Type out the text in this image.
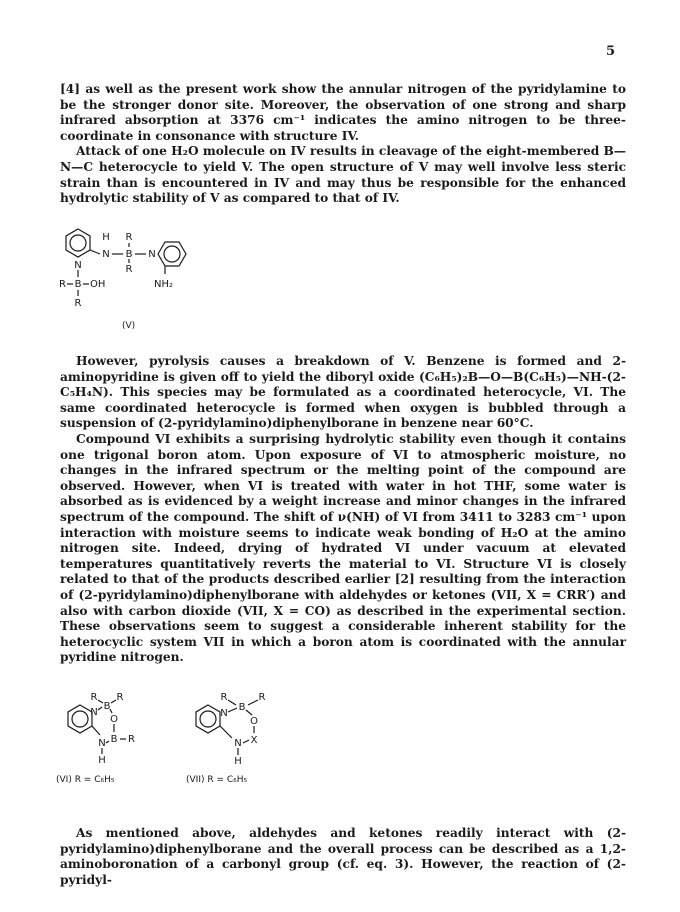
5

[4] as well as the present work show the annular nitrogen of the pyridylamine to be the stronger donor site. Moreover, the observation of one strong and sharp infrared absorption at 3376 cm⁻¹ indicates the amino nitrogen to be three-coordinate in consonance with structure IV.

Attack of one H₂O molecule on IV results in cleavage of the eight-membered B—N—C heterocycle to yield V. The open structure of V may well involve less steric strain than is encountered in IV and may thus be responsible for the enhanced hydrolytic stability of V as compared to that of IV.

H R
N B N
R
N
R B OH
R
NH₂
(V)

However, pyrolysis causes a breakdown of V. Benzene is formed and 2-aminopyridine is given off to yield the diboryl oxide (C₆H₅)₂B—O—B(C₆H₅)—NH-(2-C₅H₄N). This species may be formulated as a coordinated heterocycle, VI. The same coordinated heterocycle is formed when oxygen is bubbled through a suspension of (2-pyridylamino)diphenylborane in benzene near 60°C.

Compound VI exhibits a surprising hydrolytic stability even though it contains one trigonal boron atom. Upon exposure of VI to atmospheric moisture, no changes in the infrared spectrum or the melting point of the compound are observed. However, when VI is treated with water in hot THF, some water is absorbed as is evidenced by a weight increase and minor changes in the infrared spectrum of the compound. The shift of ν(NH) of VI from 3411 to 3283 cm⁻¹ upon interaction with moisture seems to indicate weak bonding of H₂O at the amino nitrogen site. Indeed, drying of hydrated VI under vacuum at elevated temperatures quantitatively reverts the material to VI. Structure VI is closely related to that of the products described earlier [2] resulting from the interaction of (2-pyridylamino)diphenylborane with aldehydes or ketones (VII, X = CRR′) and also with carbon dioxide (VII, X = CO) as described in the experimental section. These observations seem to suggest a considerable inherent stability for the heterocyclic system VII in which a boron atom is coordinated with the annular pyridine nitrogen.

R R
B
N
O
B R
N
H
(VI) R = C₆H₅
R	R
B
N
O
X
N
H
(VII) R = C₆H₅

As mentioned above, aldehydes and ketones readily interact with (2-pyridylamino)diphenylborane and the overall process can be described as a 1,2-aminoboronation of a carbonyl group (cf. eq. 3). However, the reaction of (2-pyridyl-
